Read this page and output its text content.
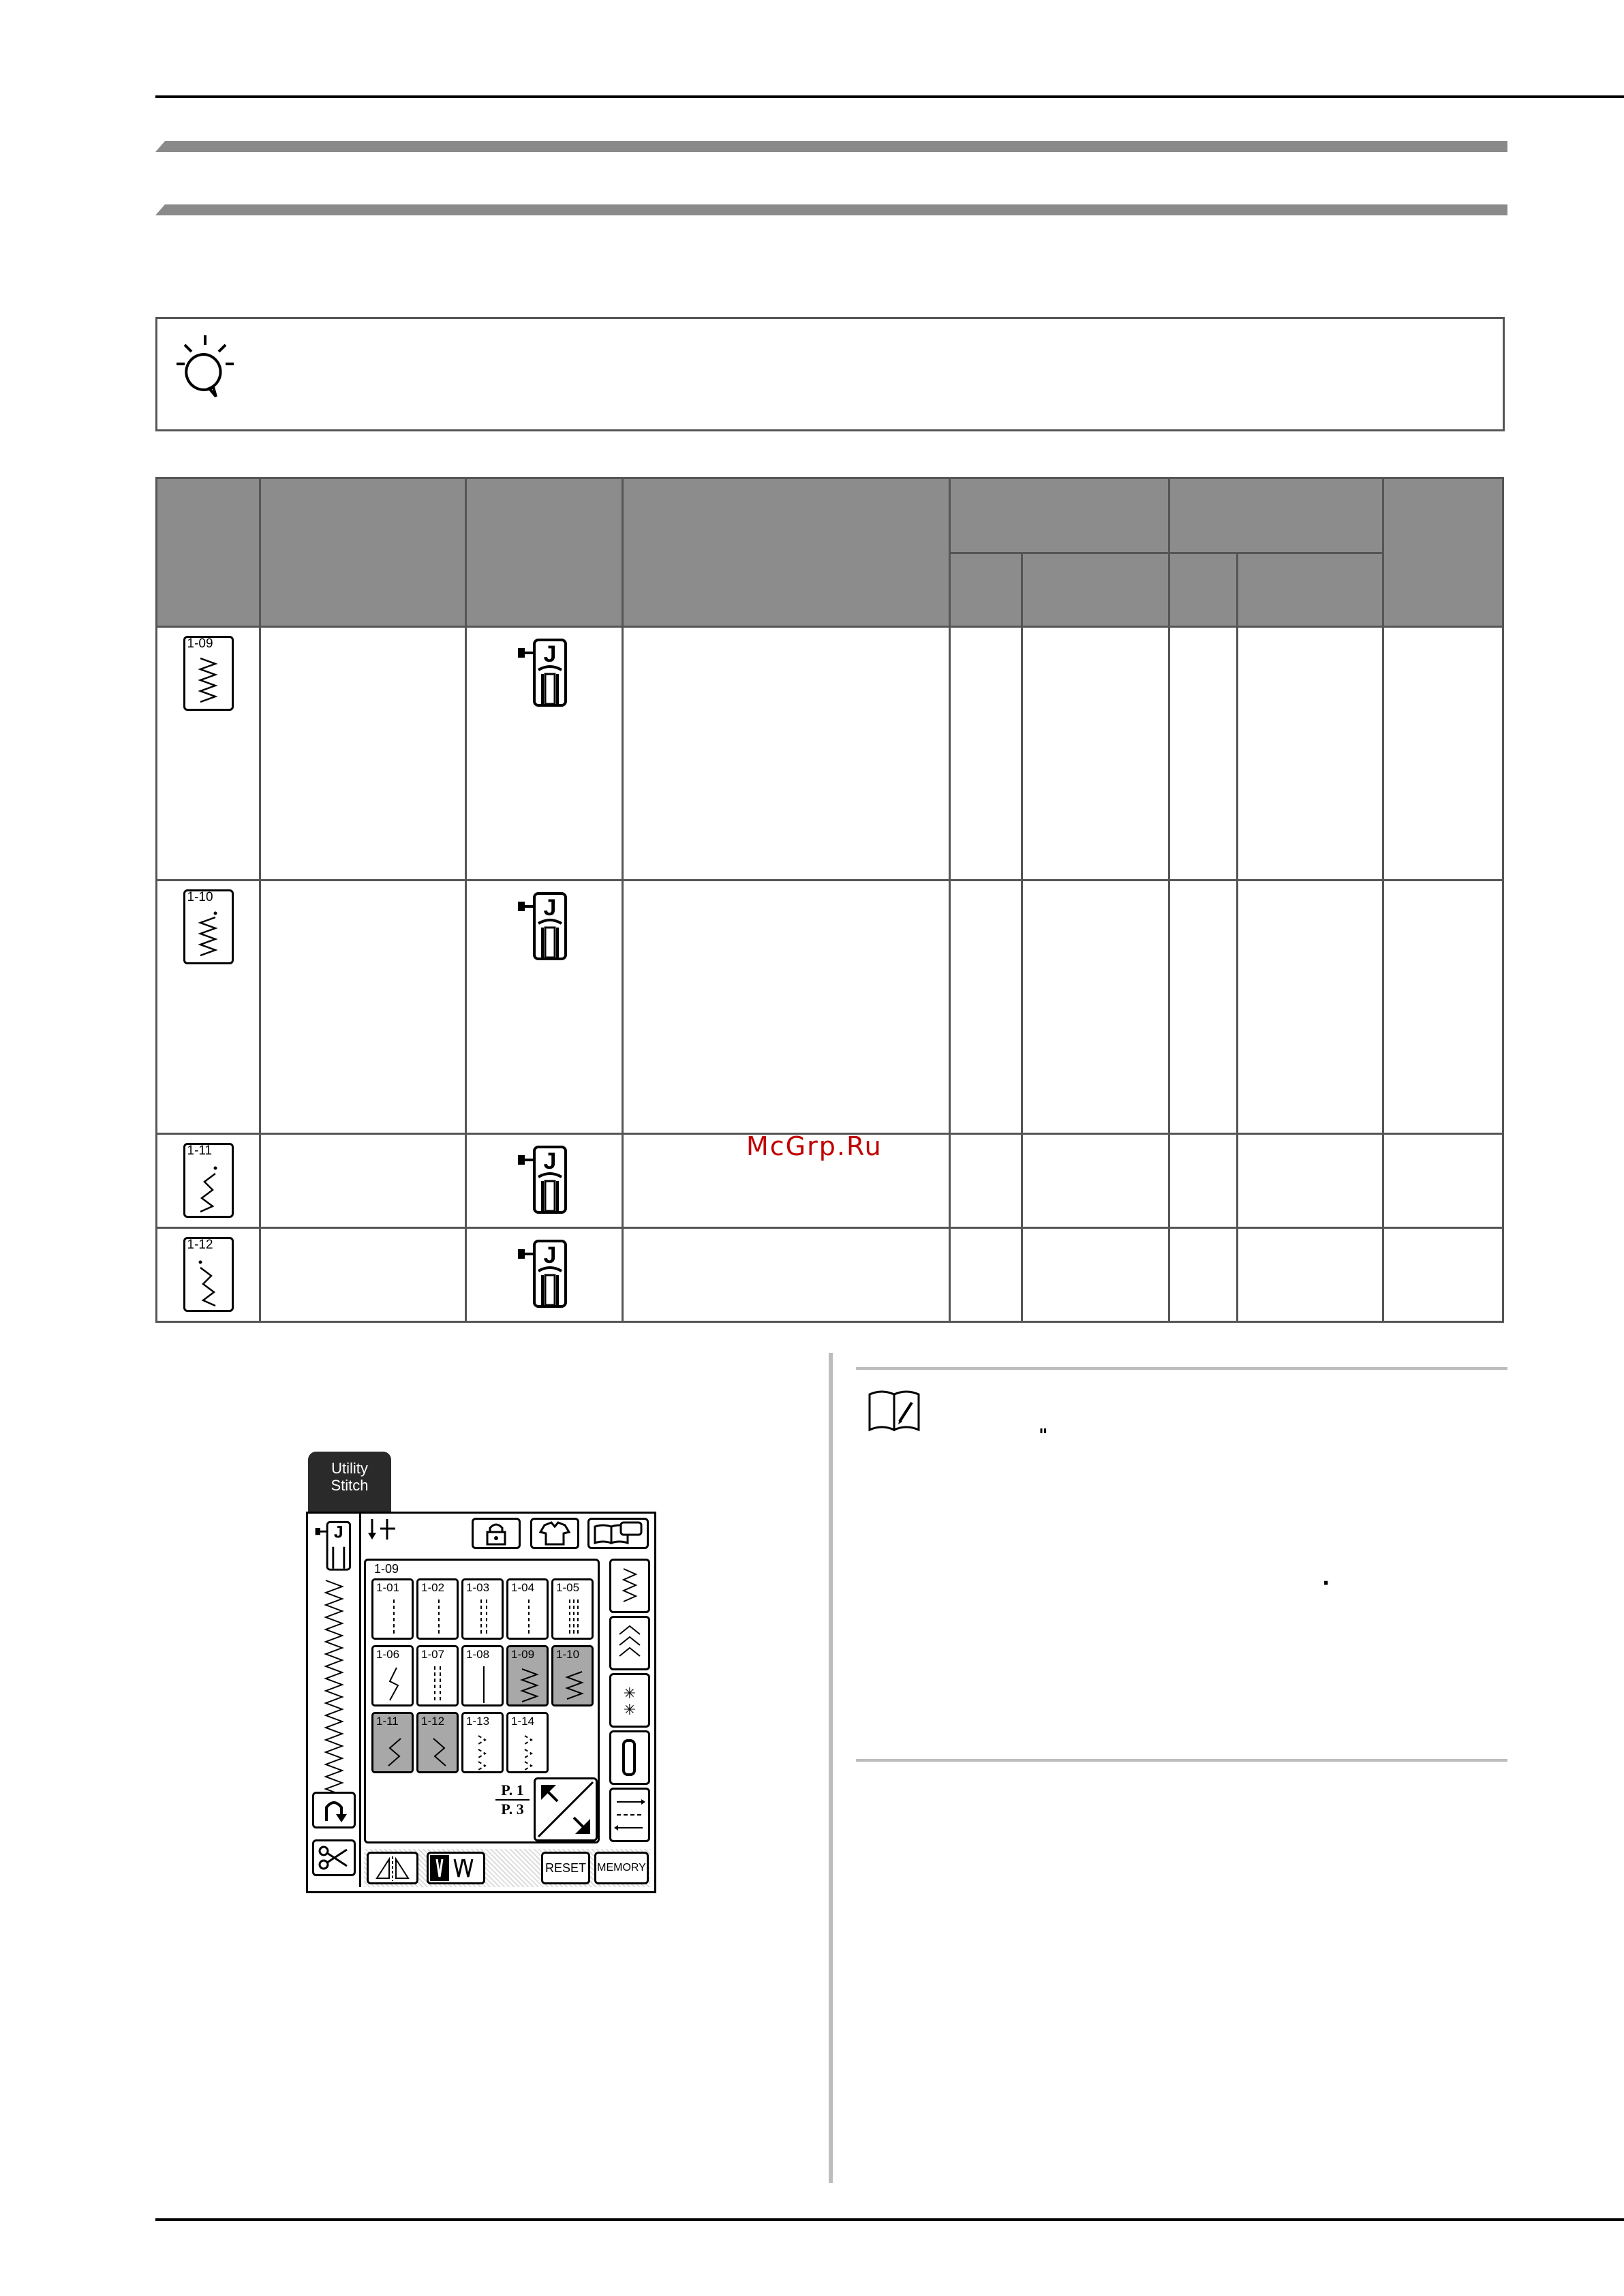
1-09		J						

1-10		J						

1-11		J						

1-12		J						

McGrp.Ru
"
·
Utility
Stitch
J
1-09
1-01 1-02 1-03 1-04 1-05
1-06 1-07 1-08 1-09 1-10
1-11 1-12 1-13 1-14
P. 1
P. 3
✳
✳
RESET	MEMORY
